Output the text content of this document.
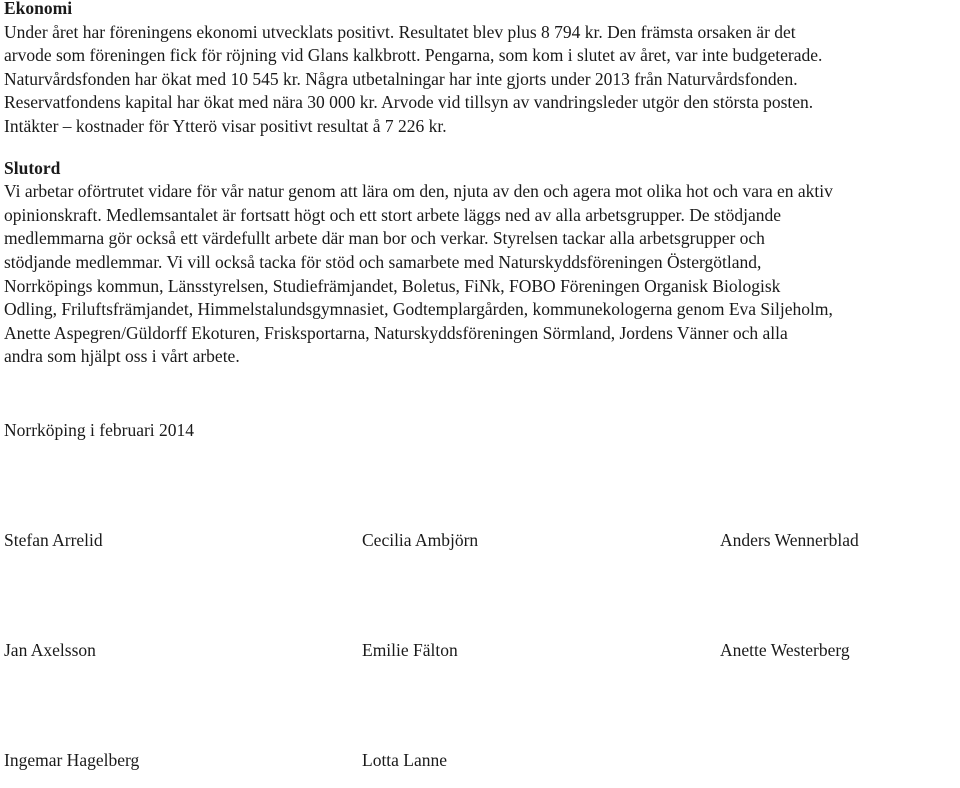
Ekonomi
Under året har föreningens ekonomi utvecklats positivt. Resultatet blev plus 8 794 kr. Den främsta orsaken är det
arvode som föreningen fick för röjning vid Glans kalkbrott. Pengarna, som kom i slutet av året, var inte budgeterade.
Naturvårdsfonden har ökat med 10 545 kr. Några utbetalningar har inte gjorts under 2013 från Naturvårdsfonden.
Reservatfondens kapital har ökat med nära 30 000 kr. Arvode vid tillsyn av vandringsleder utgör den största posten.
Intäkter – kostnader för Ytterö visar positivt resultat å 7 226 kr.
Slutord
Vi arbetar oförtrutet vidare för vår natur genom att lära om den, njuta av den och agera mot olika hot och vara en aktiv
opinionskraft. Medlemsantalet är fortsatt högt och ett stort arbete läggs ned av alla arbetsgrupper. De stödjande
medlemmarna gör också ett värdefullt arbete där man bor och verkar. Styrelsen tackar alla arbetsgrupper och
stödjande medlemmar. Vi vill också tacka för stöd och samarbete med Naturskyddsföreningen Östergötland,
Norrköpings kommun, Länsstyrelsen, Studiefrämjandet, Boletus, FiNk, FOBO Föreningen Organisk Biologisk
Odling, Friluftsfrämjandet, Himmelstalundsgymnasiet, Godtemplargården, kommunekologerna genom Eva Siljeholm,
Anette Aspegren/Güldorff Ekoturen, Frisksportarna, Naturskyddsföreningen Sörmland, Jordens Vänner och alla
andra som hjälpt oss i vårt arbete.
Norrköping i februari 2014
Stefan Arrelid	Cecilia Ambjörn	Anders Wennerblad
Jan Axelsson	Emilie Fälton	Anette Westerberg
Ingemar Hagelberg	Lotta Lanne
